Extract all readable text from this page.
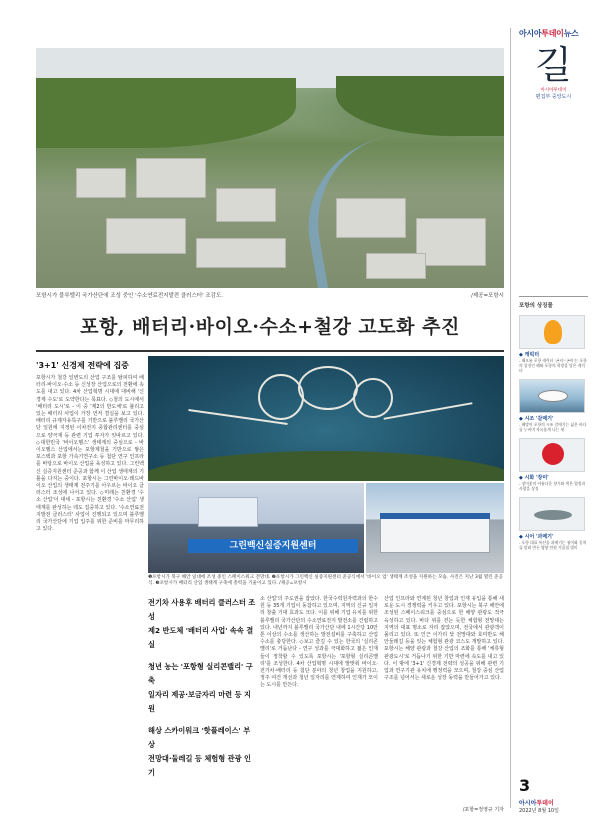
포항시가 블루밸리 국가산단에 조성 중인 '수소연료전지발전 클러스터' 조감도.	/제공=포항시
포항, 배터리·바이오·수소+철강 고도화 추진
'3+1' 신경제 전략에 집중
포항시가 철강 일변도의 산업 구조를 탈피하여 배터리·바이오·수소 등 신성장 산업으로의 전환에 속도를 내고 있다. 4차 산업혁명 시대에 대비해 '신경제 수도'로 도약한다는 목표다. ◇철의 도시에서 '배터리 도시'로 - 이 중 '제2의 반도체'로 불리고 있는 배터리 사업이 가장 먼저 결실을 보고 있다. 배터리 규제자유특구를 기반으로 블루밸리 국가산단 일원에 지정된 이차전지 종합관리센터를 중심으로 양극재 등 관련 기업 투자가 잇따르고 있다. ◇대한민국 '바이오헬스' 생태계의 중심으로 - 바이오헬스 산업에서는 포항제철을 기반으로 쌓은 포스텍과 포항 가속기연구소 등 첨단 연구 인프라를 바탕으로 바이오 산업을 육성하고 있다. 그린백신 실증지원센터 준공과 함께 이 산업 생태계의 기틀을 다지는 중이다. 포항시는 그린바이오·레드바이오 산업의 생태계 전주기를 아우르는 바이오 클러스터 조성에 나서고 있다. ◇미래는 친환경 '수소 산업'이 대세 - 포항시는 친환경 '수소 산업' 생태계를 완성하는 데도 집중하고 있다. '수소연료전지발전 클러스터' 사업이 진행되고 있으며 블루밸리 국가산단에 기업 입주를 위한 준비를 마무리하고 있다.
그린백신실증지원센터
❶포항시가 북구 해안 일대에 조성 중인 스페이스워크 전망대. ❷포항시가 그린백신 실증지원센터 준공식에서 '바이오 업' 생태계 조성을 지원하는 모습. 사진은 지난 3월 열린 준공식. ❸포항시가 배터리 산업 생태계 구축에 총력을 기울이고 있다. /제공=포항시
전기차 사용후 배터리 클러스터 조성
제2 반도체 '배터리 사업' 속속 결실
청년 농는 '포항형 실리콘밸리' 구축
일자리 제공·보금자리 마련 등 지원
해상 스카이워크 '핫플레이스' 부상
전망대·둘레길 등 체험형 관광 인기
소 산업'의 주도권을 잡았다. 한국수력원자력과의 한수원 등 35개 기업이 동참하고 있으며, 지역의 신규 일자리 창출 기대 효과도 크다. 이를 위해 기업 유치를 위한 블루밸리 국가산단의 수소연료전지 발전소를 건립하고 있다. 내년까지 블루밸리 국가산단 내에 1시간당 10만톤 이상의 수소를 생산하는 발전설비를 구축하고 산업 수소를 충당한다. ◇보고 즐길 수 있는 한국의 '실리콘밸리'로 거듭난다 - 연구 성과를 극대화하고 젊은 인재들이 정착할 수 있도록 포항시는 '포항형 실리콘밸리'를 조성한다. 4차 산업혁명 시대에 발맞춰 바이오·전기차·배터리 등 첨단 분야의 청년 창업을 지원하고, 정주 여건 개선과 청년 일자리를 연계하여 인재가 모이는 도시를 만든다.
산업 인프라와 연계된 청년 창업과 인재 유입을 통해 새로운 도시 경쟁력을 키우고 있다. 포항시는 북구 해안에 조성된 스페이스워크를 중심으로 한 해양 관광도 적극 육성하고 있다. 바다 위를 걷는 듯한 체험형 전망대는 지역의 대표 명소로 자리 잡았으며, 전국에서 관광객이 몰리고 있다. 또 인근 이가리 닻 전망대와 호미반도 해안둘레길 등을 잇는 체험형 관광 코스도 개발하고 있다. 포항시는 해양 관광과 철강 산업의 조화를 통해 '체류형 관광도시'로 거듭나기 위한 기반 마련에 속도를 내고 있다. 이 밖에 '3+1' 신경제 전략의 성공을 위해 관련 기업과 연구기관 유치에 행정력을 모으며, 철강 중심 산업 구조를 넘어서는 새로운 성장 동력을 만들어가고 있다.
/포항=정영규 기자
아시아투데이뉴스
길
아시아투데이
편집부 중앙도시
포항의 상징물
◆ 캐릭터
- 해오름 포항 캐릭터 '곤지'·'곤이'는 포항의 상징인 해와 포항의 희망을 담은 캐릭터
◆ 시조 '갈매기'
- 해맞이 포항의 시조 갈매기는 넓은 바다를 누비며 자유롭게 나는 새
◆ 시화 '장미'
- 장미꽃의 아름다운 향기와 색은 열정과 사랑을 상징
◆ 시어 '과메기'
- 포항 대표 특산물 과메기는 청어와 꽁치를 말려 만든 영양 만점 겨울철 별미
3
아시아투데이
2022년 8월 10일
